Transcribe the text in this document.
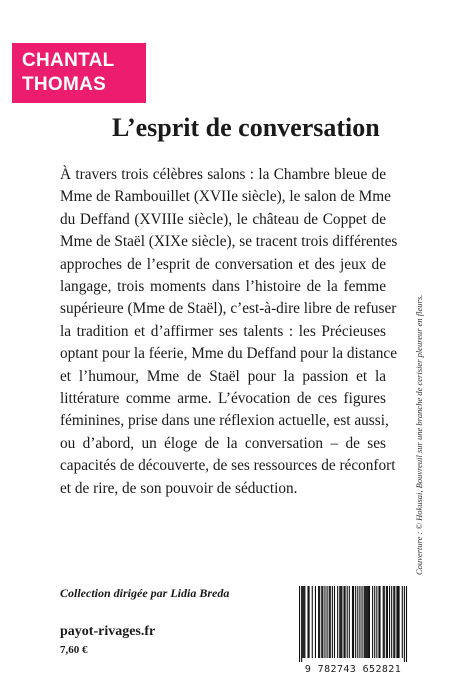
CHANTAL
THOMAS
L’esprit de conversation
À travers trois célèbres salons : la Chambre bleue de
Mme de Rambouillet (XVIIe siècle), le salon de Mme
du Deffand (XVIIIe siècle), le château de Coppet de
Mme de Staël (XIXe siècle), se tracent trois différentes
approches de l’esprit de conversation et des jeux de
langage, trois moments dans l’histoire de la femme
supérieure (Mme de Staël), c’est-à-dire libre de refuser
la tradition et d’affirmer ses talents : les Précieuses
optant pour la féerie, Mme du Deffand pour la distance
et l’humour, Mme de Staël pour la passion et la
littérature comme arme. L’évocation de ces figures
féminines, prise dans une réflexion actuelle, est aussi,
ou d’abord, un éloge de la conversation – de ses
capacités de découverte, de ses ressources de réconfort
et de rire, de son pouvoir de séduction.
Collection dirigée par Lidia Breda
payot-rivages.fr
7,60 €
Couverture : © Hokusai, Bouvreuil sur une branche de cerisier pleureur en fleurs.
9 782743 652821
